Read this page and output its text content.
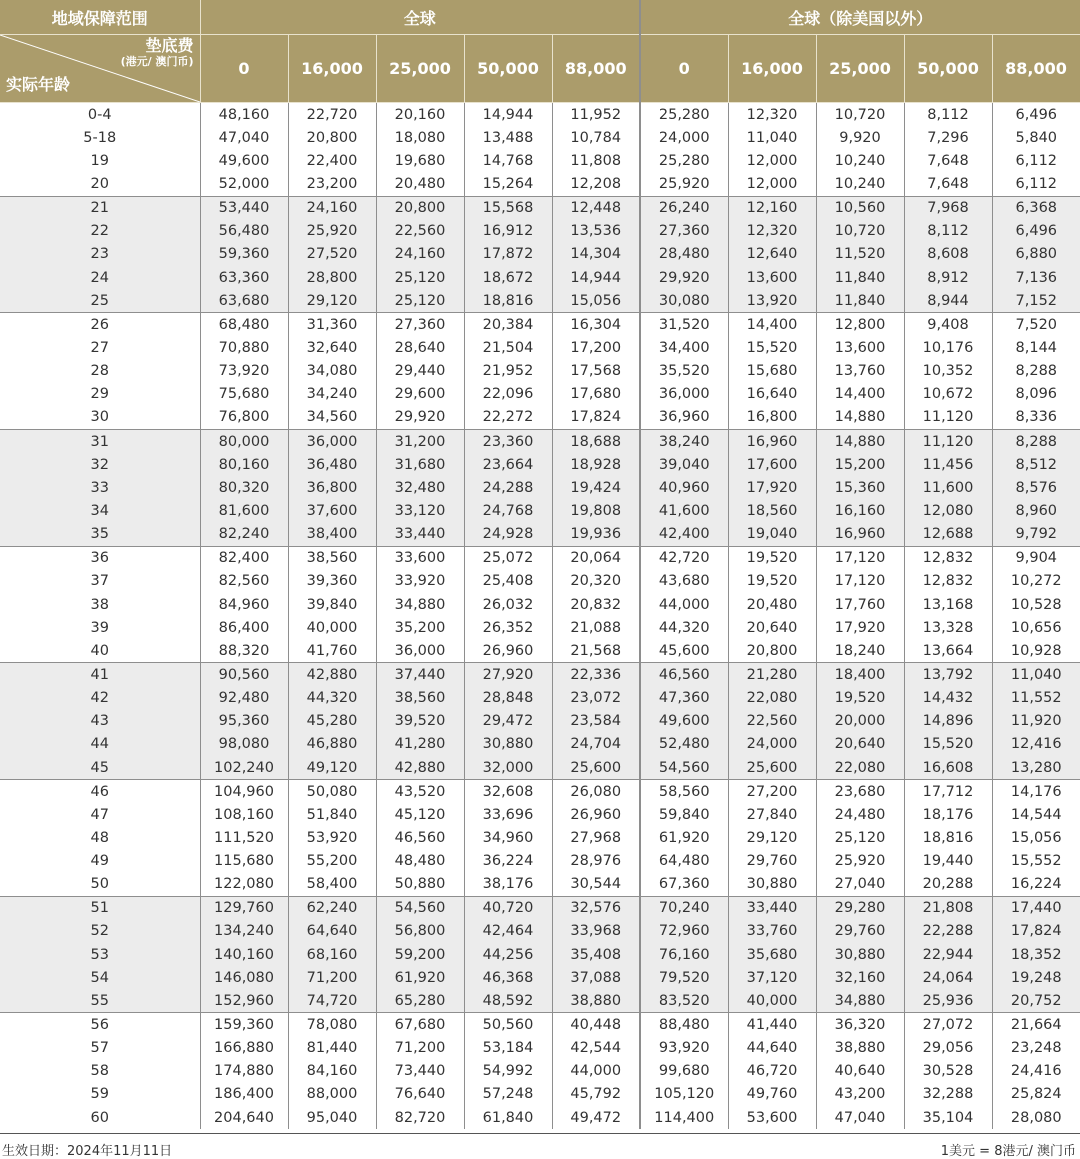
地域保障范围	全球					全球（除美国以外）				

垫底费
(港元/ 澳门币)
实际年龄	0	16,000	25,000	50,000	88,000	0	16,000	25,000	50,000	88,000
0-4	48,160	22,720	20,160	14,944	11,952	25,280	12,320	10,720	8,112	6,496
5-18	47,040	20,800	18,080	13,488	10,784	24,000	11,040	9,920	7,296	5,840
19	49,600	22,400	19,680	14,768	11,808	25,280	12,000	10,240	7,648	6,112
20	52,000	23,200	20,480	15,264	12,208	25,920	12,000	10,240	7,648	6,112
21	53,440	24,160	20,800	15,568	12,448	26,240	12,160	10,560	7,968	6,368
22	56,480	25,920	22,560	16,912	13,536	27,360	12,320	10,720	8,112	6,496
23	59,360	27,520	24,160	17,872	14,304	28,480	12,640	11,520	8,608	6,880
24	63,360	28,800	25,120	18,672	14,944	29,920	13,600	11,840	8,912	7,136
25	63,680	29,120	25,120	18,816	15,056	30,080	13,920	11,840	8,944	7,152
26	68,480	31,360	27,360	20,384	16,304	31,520	14,400	12,800	9,408	7,520
27	70,880	32,640	28,640	21,504	17,200	34,400	15,520	13,600	10,176	8,144
28	73,920	34,080	29,440	21,952	17,568	35,520	15,680	13,760	10,352	8,288
29	75,680	34,240	29,600	22,096	17,680	36,000	16,640	14,400	10,672	8,096
30	76,800	34,560	29,920	22,272	17,824	36,960	16,800	14,880	11,120	8,336
31	80,000	36,000	31,200	23,360	18,688	38,240	16,960	14,880	11,120	8,288
32	80,160	36,480	31,680	23,664	18,928	39,040	17,600	15,200	11,456	8,512
33	80,320	36,800	32,480	24,288	19,424	40,960	17,920	15,360	11,600	8,576
34	81,600	37,600	33,120	24,768	19,808	41,600	18,560	16,160	12,080	8,960
35	82,240	38,400	33,440	24,928	19,936	42,400	19,040	16,960	12,688	9,792
36	82,400	38,560	33,600	25,072	20,064	42,720	19,520	17,120	12,832	9,904
37	82,560	39,360	33,920	25,408	20,320	43,680	19,520	17,120	12,832	10,272
38	84,960	39,840	34,880	26,032	20,832	44,000	20,480	17,760	13,168	10,528
39	86,400	40,000	35,200	26,352	21,088	44,320	20,640	17,920	13,328	10,656
40	88,320	41,760	36,000	26,960	21,568	45,600	20,800	18,240	13,664	10,928
41	90,560	42,880	37,440	27,920	22,336	46,560	21,280	18,400	13,792	11,040
42	92,480	44,320	38,560	28,848	23,072	47,360	22,080	19,520	14,432	11,552
43	95,360	45,280	39,520	29,472	23,584	49,600	22,560	20,000	14,896	11,920
44	98,080	46,880	41,280	30,880	24,704	52,480	24,000	20,640	15,520	12,416
45	102,240	49,120	42,880	32,000	25,600	54,560	25,600	22,080	16,608	13,280
46	104,960	50,080	43,520	32,608	26,080	58,560	27,200	23,680	17,712	14,176
47	108,160	51,840	45,120	33,696	26,960	59,840	27,840	24,480	18,176	14,544
48	111,520	53,920	46,560	34,960	27,968	61,920	29,120	25,120	18,816	15,056
49	115,680	55,200	48,480	36,224	28,976	64,480	29,760	25,920	19,440	15,552
50	122,080	58,400	50,880	38,176	30,544	67,360	30,880	27,040	20,288	16,224
51	129,760	62,240	54,560	40,720	32,576	70,240	33,440	29,280	21,808	17,440
52	134,240	64,640	56,800	42,464	33,968	72,960	33,760	29,760	22,288	17,824
53	140,160	68,160	59,200	44,256	35,408	76,160	35,680	30,880	22,944	18,352
54	146,080	71,200	61,920	46,368	37,088	79,520	37,120	32,160	24,064	19,248
55	152,960	74,720	65,280	48,592	38,880	83,520	40,000	34,880	25,936	20,752
56	159,360	78,080	67,680	50,560	40,448	88,480	41,440	36,320	27,072	21,664
57	166,880	81,440	71,200	53,184	42,544	93,920	44,640	38,880	29,056	23,248
58	174,880	84,160	73,440	54,992	44,000	99,680	46,720	40,640	30,528	24,416
59	186,400	88,000	76,640	57,248	45,792	105,120	49,760	43,200	32,288	25,824
60	204,640	95,040	82,720	61,840	49,472	114,400	53,600	47,040	35,104	28,080
生效日期：2024年11月11日	1美元 = 8港元/ 澳门币
